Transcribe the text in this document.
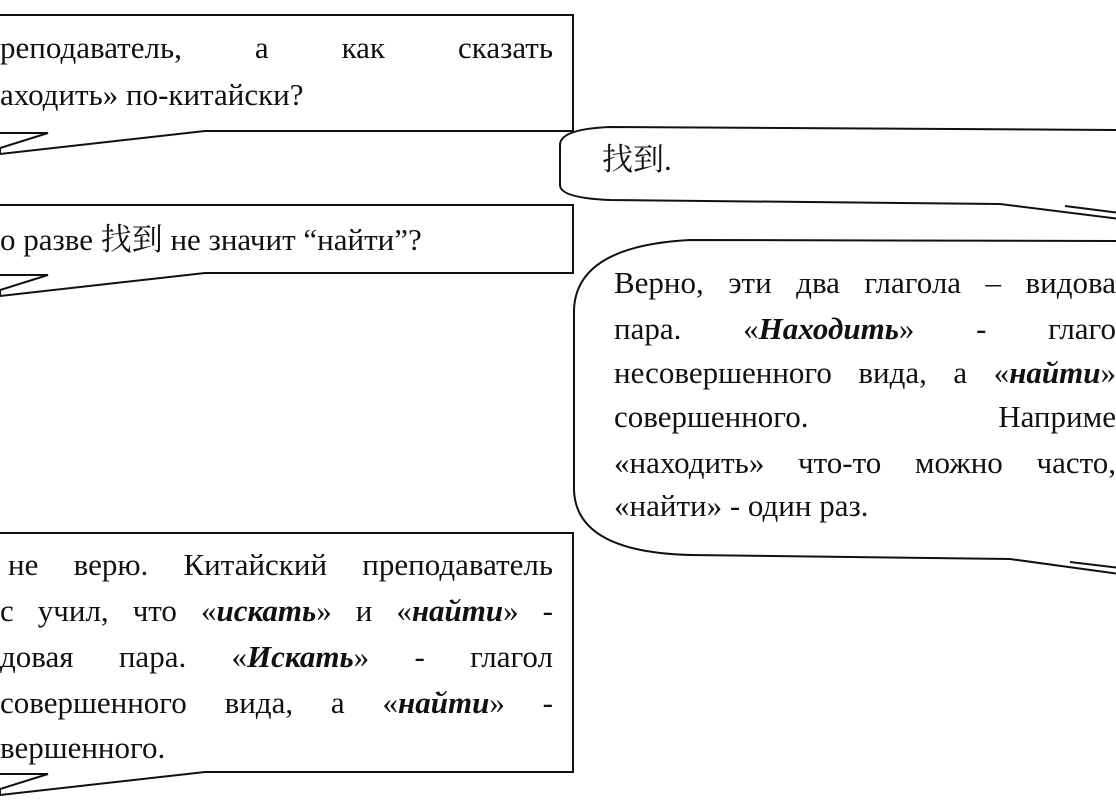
реподаватель, а как сказать
аходить» по-китайски?
о разве 找到 не значит “найти”?
找到.
Верно, эти два глагола – видова
пара. «Находить» - глаго
несовершенного вида, а «найти»
совершенного. Наприме
«находить» что-то можно часто,
«найти» - один раз.
не верю. Китайский преподаватель
с учил, что «искать» и «найти» -
довая пара. «Искать» - глагол
совершенного вида, а «найти» -
вершенного.
